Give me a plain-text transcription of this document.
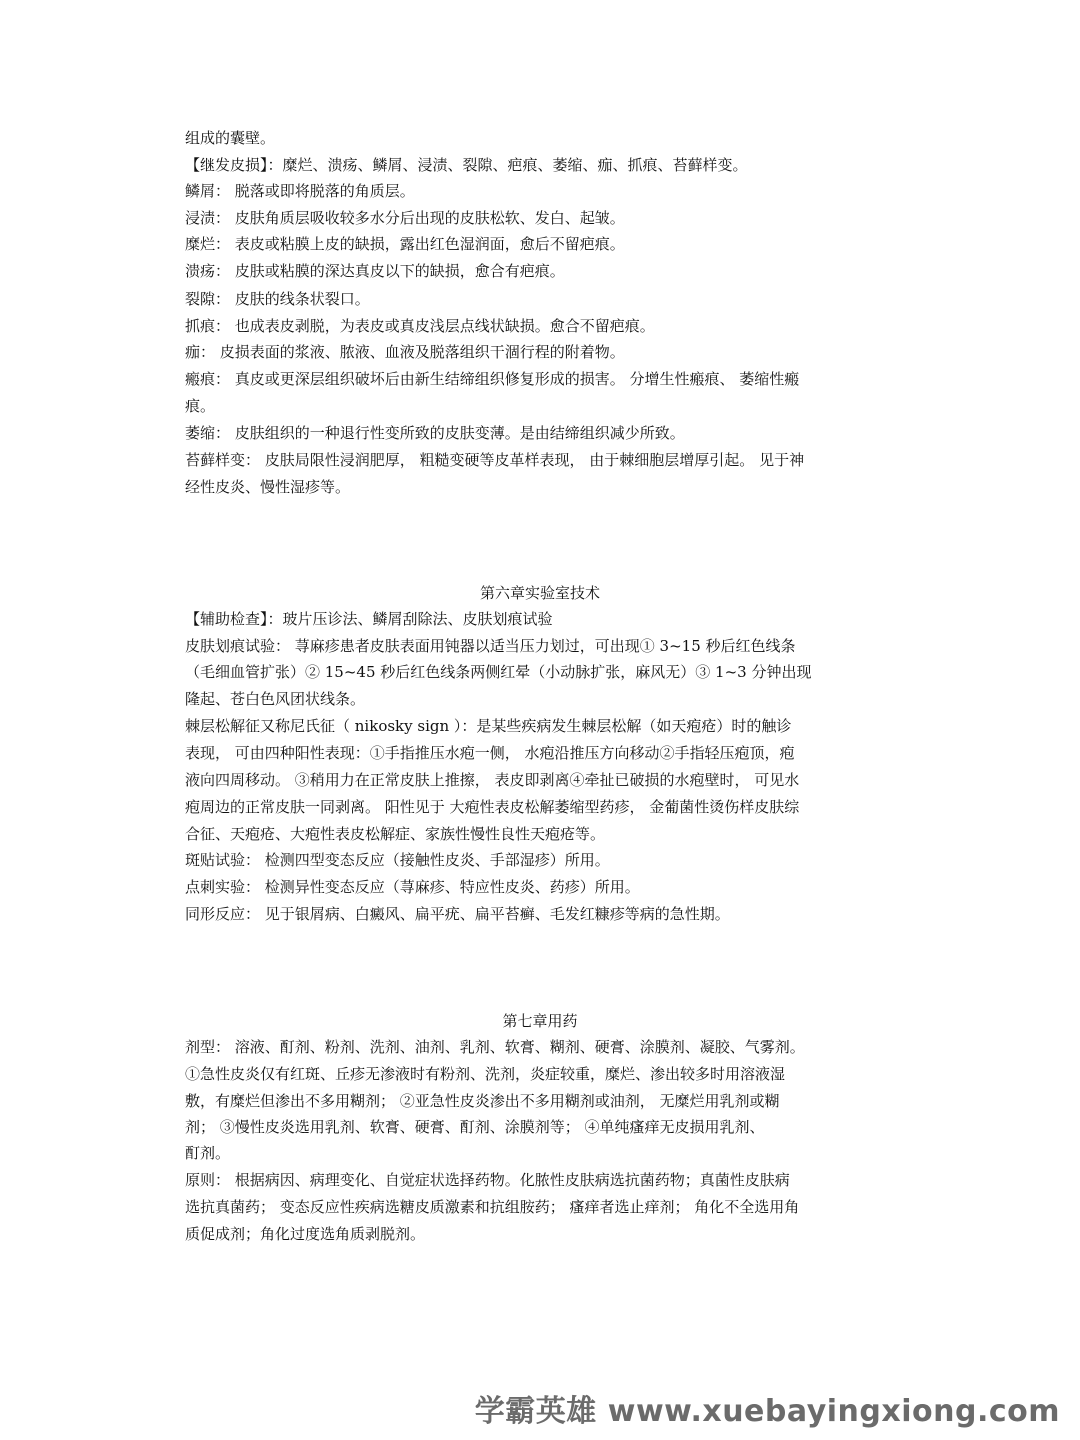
组成的囊壁。
【继发皮损】：糜烂、溃疡、鳞屑、浸渍、裂隙、疤痕、萎缩、痂、抓痕、苔藓样变。
鳞屑： 脱落或即将脱落的角质层。
浸渍： 皮肤角质层吸收较多水分后出现的皮肤松软、发白、起皱。
糜烂： 表皮或粘膜上皮的缺损，露出红色湿润面，愈后不留疤痕。
溃疡： 皮肤或粘膜的深达真皮以下的缺损，愈合有疤痕。
裂隙： 皮肤的线条状裂口。
抓痕： 也成表皮剥脱，为表皮或真皮浅层点线状缺损。愈合不留疤痕。
痂： 皮损表面的浆液、脓液、血液及脱落组织干涸行程的附着物。
瘢痕： 真皮或更深层组织破坏后由新生结缔组织修复形成的损害。 分增生性瘢痕、 萎缩性瘢
痕。
萎缩： 皮肤组织的一种退行性变所致的皮肤变薄。是由结缔组织减少所致。
苔藓样变： 皮肤局限性浸润肥厚， 粗糙变硬等皮革样表现， 由于棘细胞层增厚引起。 见于神
经性皮炎、慢性湿疹等。
第六章实验室技术
【辅助检查】：玻片压诊法、鳞屑刮除法、皮肤划痕试验
皮肤划痕试验： 荨麻疹患者皮肤表面用钝器以适当压力划过，可出现① 3~15 秒后红色线条
（毛细血管扩张）② 15~45 秒后红色线条两侧红晕（小动脉扩张，麻风无）③ 1~3 分钟出现
隆起、苍白色风团状线条。
棘层松解征又称尼氏征（ nikosky sign ）：是某些疾病发生棘层松解（如天疱疮）时的触诊
表现， 可由四种阳性表现：①手指推压水疱一侧， 水疱沿推压方向移动②手指轻压疱顶，疱
液向四周移动。 ③稍用力在正常皮肤上推擦， 表皮即剥离④牵扯已破损的水疱壁时， 可见水
疱周边的正常皮肤一同剥离。 阳性见于 大疱性表皮松解萎缩型药疹， 金葡菌性烫伤样皮肤综
合征、天疱疮、大疱性表皮松解症、家族性慢性良性天疱疮等。
斑贴试验： 检测四型变态反应（接触性皮炎、手部湿疹）所用。
点刺实验： 检测异性变态反应（荨麻疹、特应性皮炎、药疹）所用。
同形反应： 见于银屑病、白癜风、扁平疣、扁平苔癣、毛发红糠疹等病的急性期。
第七章用药
剂型： 溶液、酊剂、粉剂、洗剂、油剂、乳剂、软膏、糊剂、硬膏、涂膜剂、凝胶、气雾剂。
①急性皮炎仅有红斑、丘疹无渗液时有粉剂、洗剂，炎症较重，糜烂、渗出较多时用溶液湿
敷，有糜烂但渗出不多用糊剂； ②亚急性皮炎渗出不多用糊剂或油剂， 无糜烂用乳剂或糊
剂； ③慢性皮炎选用乳剂、软膏、硬膏、酊剂、涂膜剂等； ④单纯瘙痒无皮损用乳剂、
酊剂。
原则： 根据病因、病理变化、自觉症状选择药物。化脓性皮肤病选抗菌药物；真菌性皮肤病
选抗真菌药； 变态反应性疾病选糖皮质激素和抗组胺药； 瘙痒者选止痒剂； 角化不全选用角
质促成剂；角化过度选角质剥脱剂。
学霸英雄 www.xuebayingxiong.com
